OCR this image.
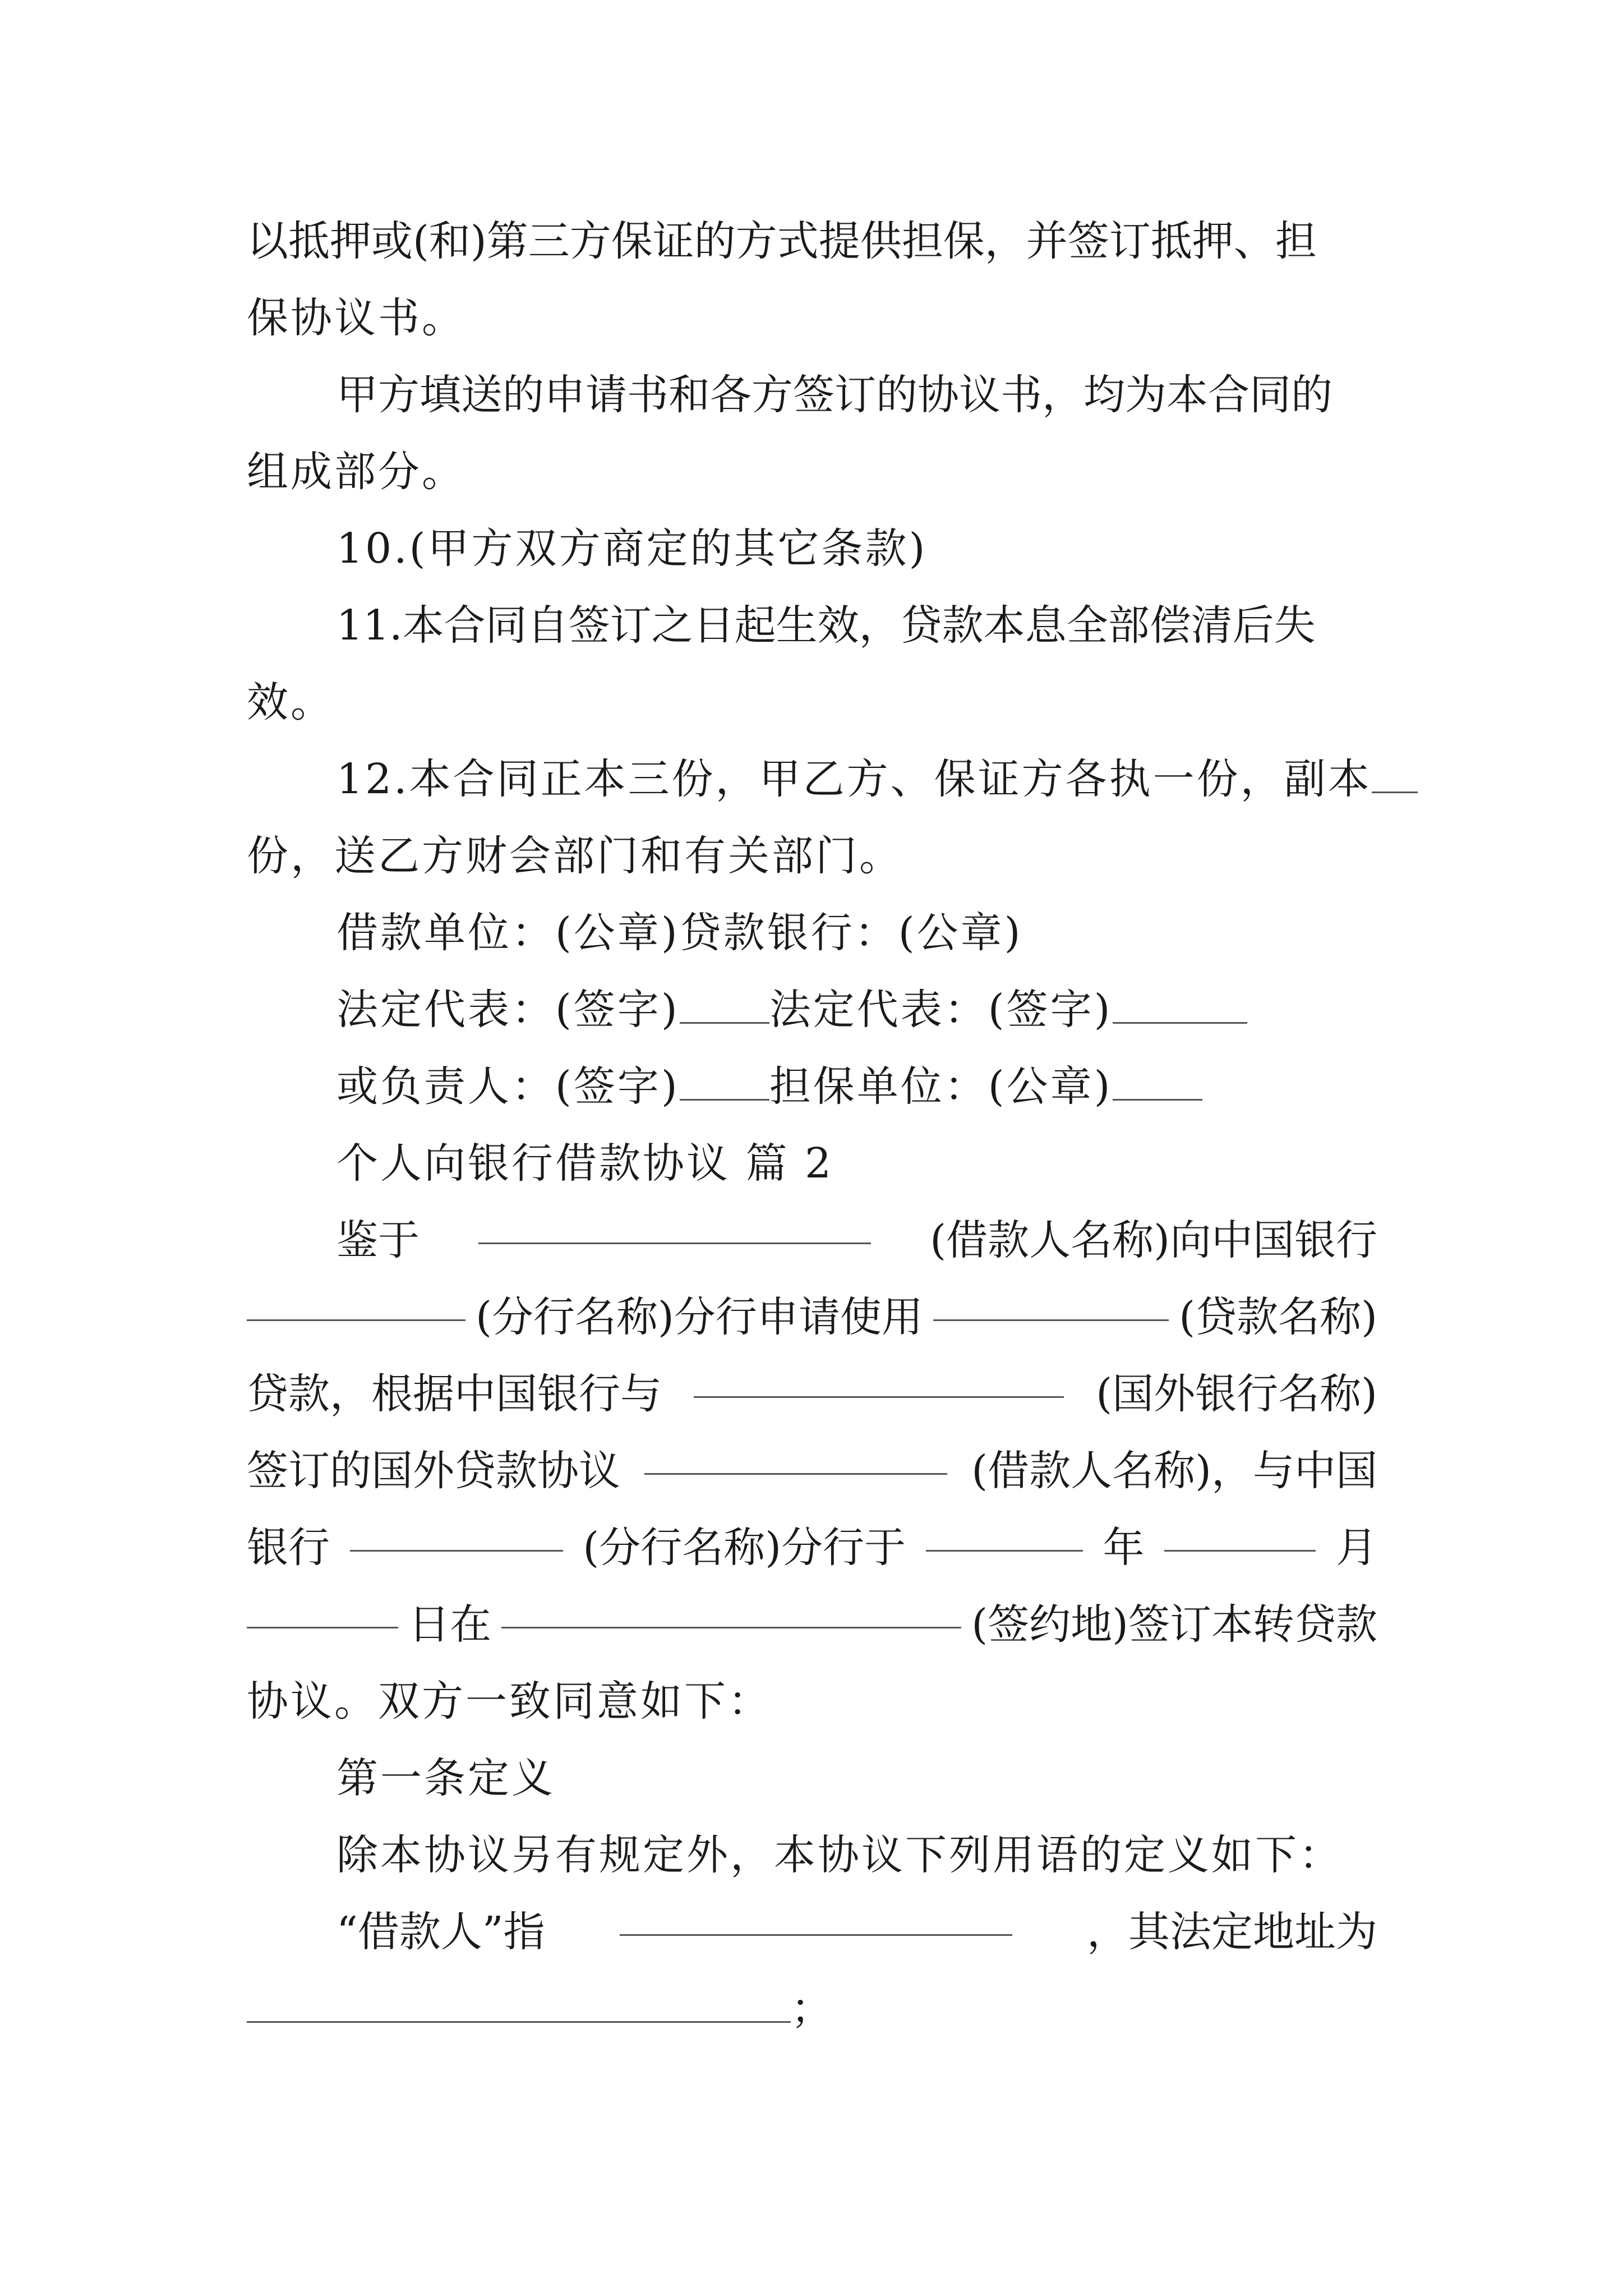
以抵押或(和)第三方保证的方式提供担保，并签订抵押、担
保协议书。
甲方填送的申请书和各方签订的协议书，均为本合同的
组成部分。
10.(甲方双方商定的其它条款)
11.本合同自签订之日起生效，贷款本息全部偿清后失
效。
12.本合同正本三份，甲乙方、保证方各执一份，副本
份，送乙方财会部门和有关部门。
借款单位：(公章)贷款银行：(公章)
法定代表：(签字) 法定代表：(签字)
或负责人：(签字) 担保单位：(公章)
个人向银行借款协议 篇 2
鉴于	(借款人名称)向中国银行
(分行名称)分行申请使用	(贷款名称)
贷款，根据中国银行与	(国外银行名称)
签订的国外贷款协议	(借款人名称)，与中国
银行	(分行名称)分行于	年	月
日在	(签约地)签订本转贷款
协议。双方一致同意如下：
第一条定义
除本协议另有规定外，本协议下列用语的定义如下：
“借款人”指	，其法定地址为
；
